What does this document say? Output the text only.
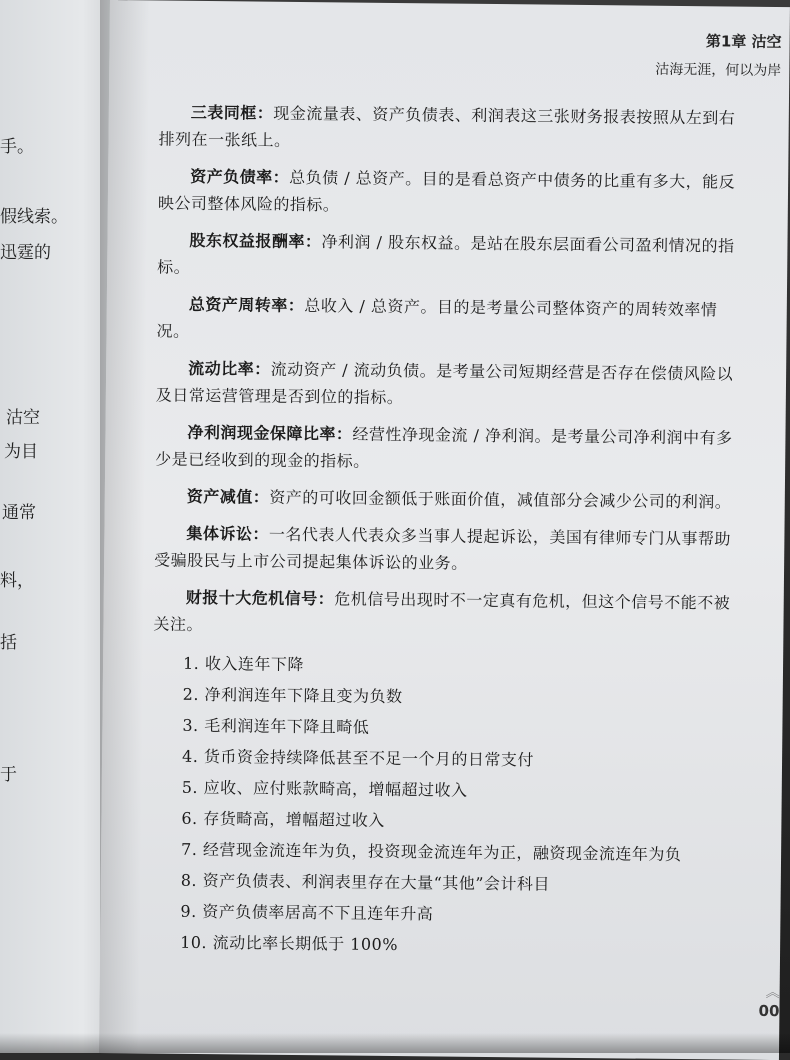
手。
假线索。
迅霆的
沽空
为目
通常
料，
括
于
第1章 沽空
沽海无涯，何以为岸

三表同框：现金流量表、资产负债表、利润表这三张财务报表按照从左到右排列在一张纸上。

资产负债率：总负债 / 总资产。目的是看总资产中债务的比重有多大，能反映公司整体风险的指标。

股东权益报酬率：净利润 / 股东权益。是站在股东层面看公司盈利情况的指标。

总资产周转率：总收入 / 总资产。目的是考量公司整体资产的周转效率情况。

流动比率：流动资产 / 流动负债。是考量公司短期经营是否存在偿债风险以及日常运营管理是否到位的指标。

净利润现金保障比率：经营性净现金流 / 净利润。是考量公司净利润中有多少是已经收到的现金的指标。

资产减值：资产的可收回金额低于账面价值，减值部分会减少公司的利润。

集体诉讼：一名代表人代表众多当事人提起诉讼，美国有律师专门从事帮助受骗股民与上市公司提起集体诉讼的业务。

财报十大危机信号：危机信号出现时不一定真有危机，但这个信号不能不被关注。

1. 收入连年下降
2. 净利润连年下降且变为负数
3. 毛利润连年下降且畸低
4. 货币资金持续降低甚至不足一个月的日常支付
5. 应收、应付账款畸高，增幅超过收入
6. 存货畸高，增幅超过收入
7. 经营现金流连年为负，投资现金流连年为正，融资现金流连年为负
8. 资产负债表、利润表里存在大量“其他”会计科目
9. 资产负债率居高不下且连年升高
10. 流动比率长期低于 100%
︽
00
